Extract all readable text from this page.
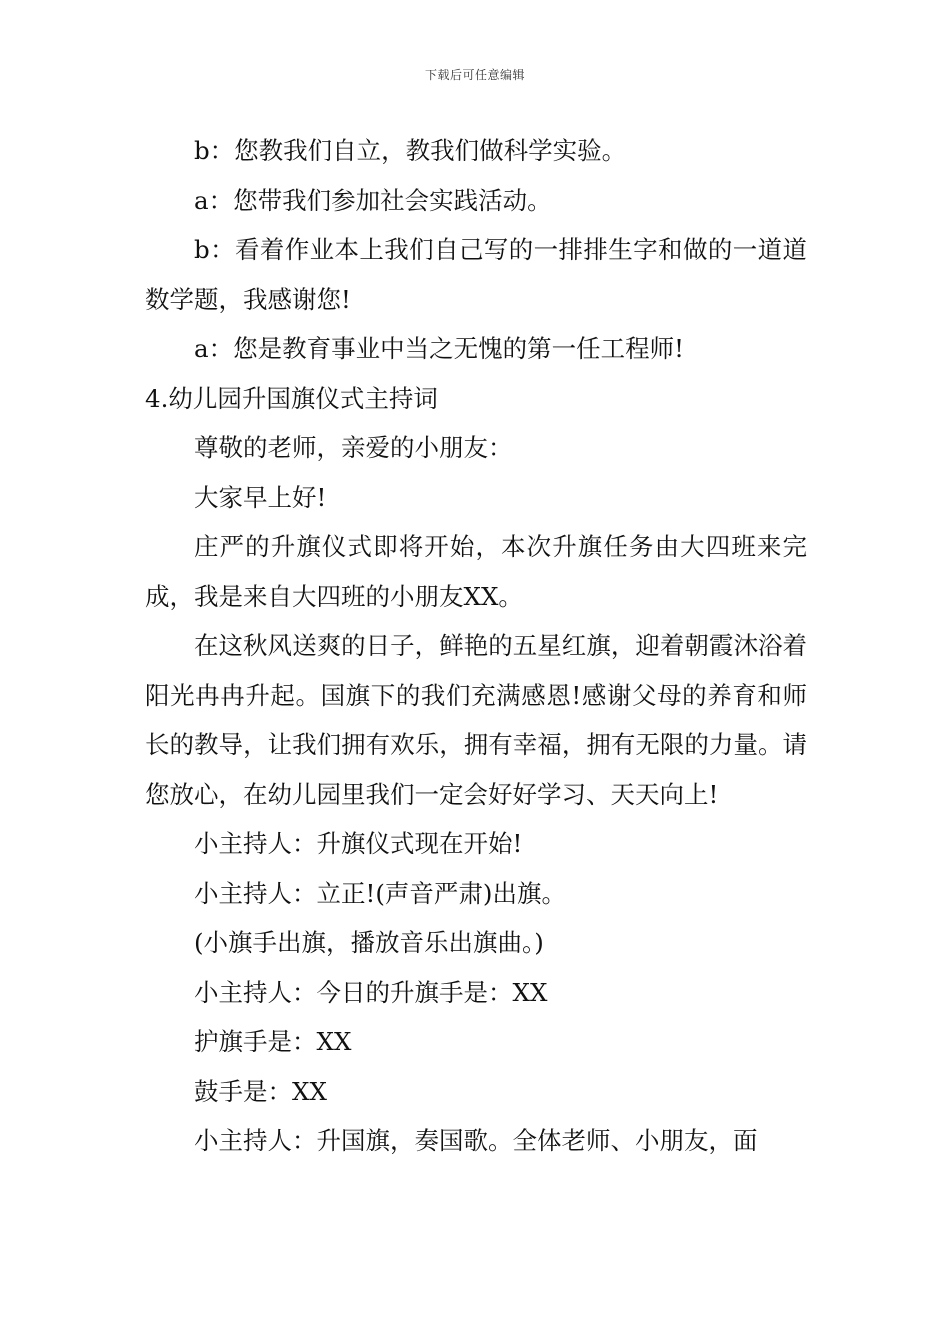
下载后可任意编辑

b：您教我们自立，教我们做科学实验。

a：您带我们参加社会实践活动。

b：看着作业本上我们自己写的一排排生字和做的一道道数学题，我感谢您!

a：您是教育事业中当之无愧的第一任工程师!

4.幼儿园升国旗仪式主持词

尊敬的老师，亲爱的小朋友：

大家早上好!

庄严的升旗仪式即将开始，本次升旗任务由大四班来完成，我是来自大四班的小朋友XX。

在这秋风送爽的日子，鲜艳的五星红旗，迎着朝霞沐浴着阳光冉冉升起。国旗下的我们充满感恩!感谢父母的养育和师长的教导，让我们拥有欢乐，拥有幸福，拥有无限的力量。请您放心，在幼儿园里我们一定会好好学习、天天向上!

小主持人：升旗仪式现在开始!

小主持人：立正!(声音严肃)出旗。

(小旗手出旗，播放音乐出旗曲。)

小主持人：今日的升旗手是：XX

护旗手是：XX

鼓手是：XX

小主持人：升国旗，奏国歌。全体老师、小朋友，面
